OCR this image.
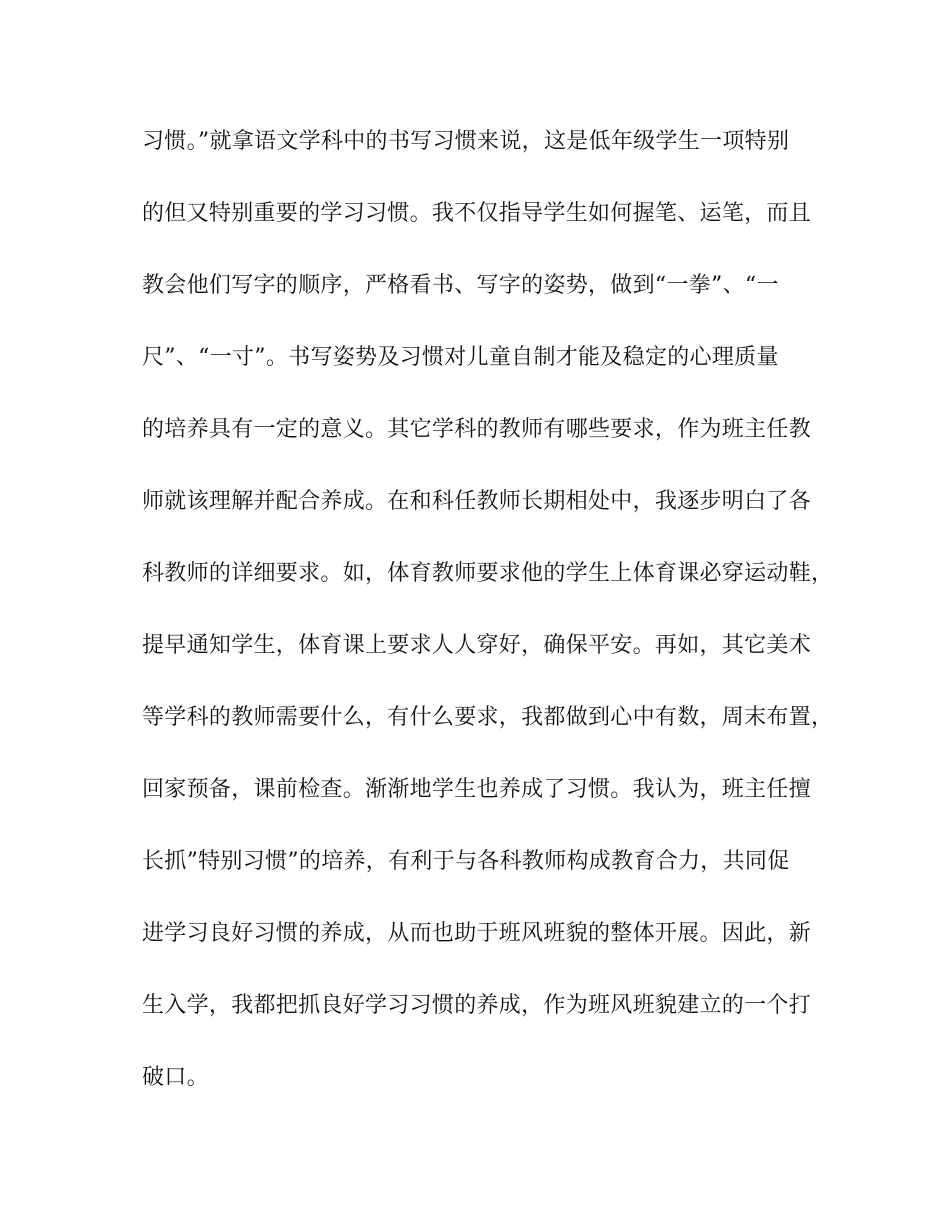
习惯。”就拿语文学科中的书写习惯来说，这是低年级学生一项特别
的但又特别重要的学习习惯。我不仅指导学生如何握笔、运笔，而且
教会他们写字的顺序，严格看书、写字的姿势，做到“一拳”、“一
尺”、“一寸”。书写姿势及习惯对儿童自制才能及稳定的心理质量
的培养具有一定的意义。其它学科的教师有哪些要求，作为班主任教
师就该理解并配合养成。在和科任教师长期相处中，我逐步明白了各
科教师的详细要求。如，体育教师要求他的学生上体育课必穿运动鞋，
提早通知学生，体育课上要求人人穿好，确保平安。再如，其它美术
等学科的教师需要什么，有什么要求，我都做到心中有数，周末布置，
回家预备，课前检查。渐渐地学生也养成了习惯。我认为，班主任擅
长抓”特别习惯”的培养，有利于与各科教师构成教育合力，共同促
进学习良好习惯的养成，从而也助于班风班貌的整体开展。因此，新
生入学，我都把抓良好学习习惯的养成，作为班风班貌建立的一个打
破口。
